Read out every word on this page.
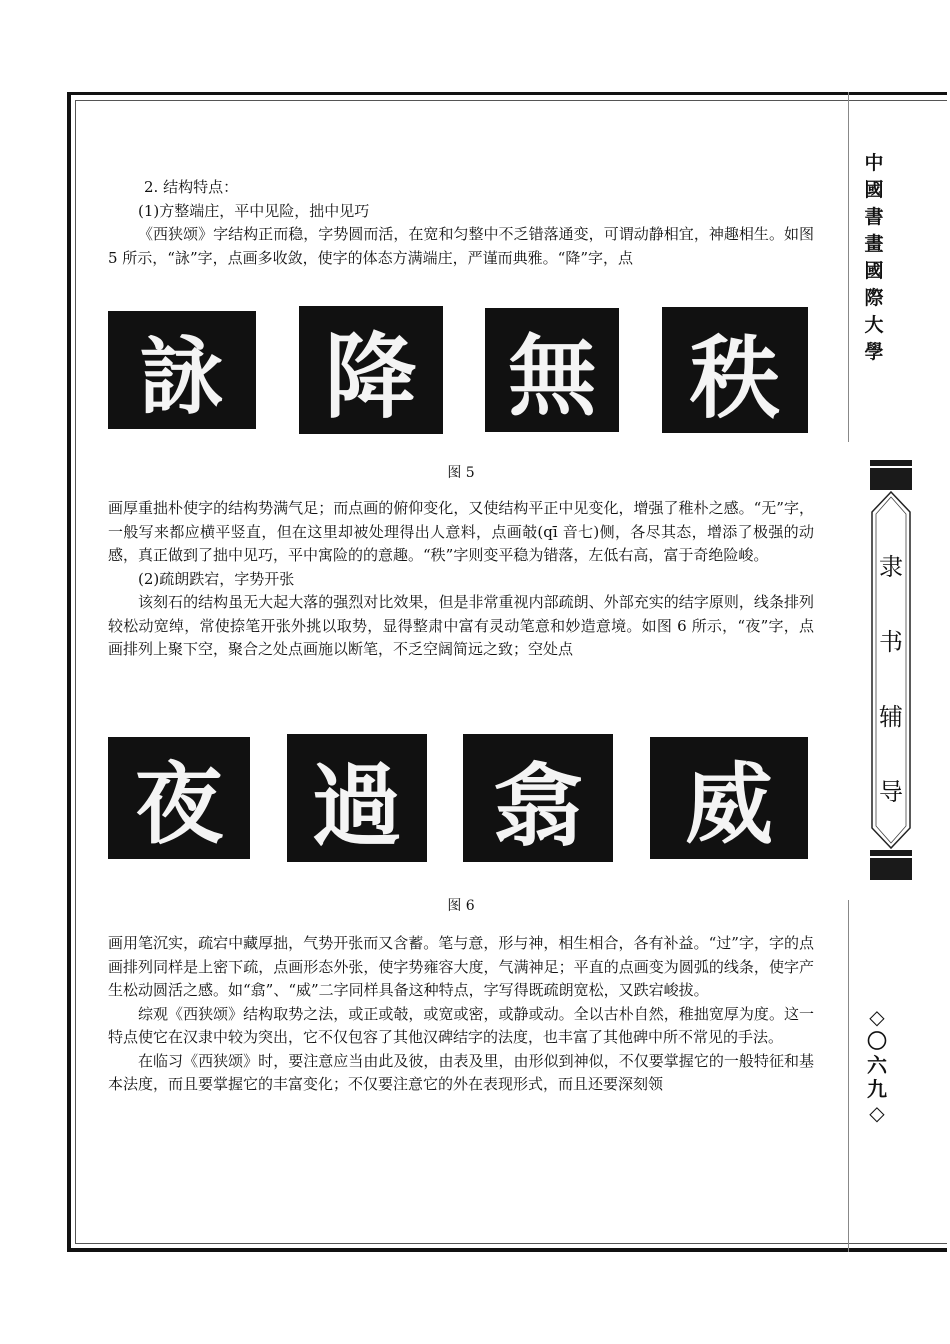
中
國
書
畫
國
際
大
學
隶
书
辅
导
◇
〇
六
九
◇

2. 结构特点：

(1)方整端庄，平中见险，拙中见巧

《西狭颂》字结构正而稳，字势圆而活，在宽和匀整中不乏错落通变，可谓动静相宜，神趣相生。如图 5 所示，“詠”字，点画多收敛，使字的体态方满端庄，严谨而典雅。“降”字，点

詠	降 無	秩
图 5

画厚重拙朴使字的结构势满气足；而点画的俯仰变化，又使结构平正中见变化，增强了稚朴之感。“无”字，一般写来都应横平竖直，但在这里却被处理得出人意料，点画攲(qī 音七)侧，各尽其态，增添了极强的动感，真正做到了拙中见巧，平中寓险的的意趣。“秩”字则变平稳为错落，左低右高，富于奇绝险峻。

(2)疏朗跌宕，字势开张

该刻石的结构虽无大起大落的强烈对比效果，但是非常重视内部疏朗、外部充实的结字原则，线条排列较松动宽绰，常使捺笔开张外挑以取势，显得整肃中富有灵动笔意和妙造意境。如图 6 所示，“夜”字，点画排列上聚下空，聚合之处点画施以断笔，不乏空阔简远之致；空处点

夜 過	翕	威
图 6

画用笔沉实，疏宕中藏厚拙，气势开张而又含蓄。笔与意，形与神，相生相合，各有补益。“过”字，字的点画排列同样是上密下疏，点画形态外张，使字势雍容大度，气满神足；平直的点画变为圆弧的线条，使字产生松动圆活之感。如“翕”、“威”二字同样具备这种特点，字写得既疏朗宽松，又跌宕峻拔。

综观《西狭颂》结构取势之法，或正或攲，或宽或密，或静或动。全以古朴自然，稚拙宽厚为度。这一特点使它在汉隶中较为突出，它不仅包容了其他汉碑结字的法度，也丰富了其他碑中所不常见的手法。

在临习《西狭颂》时，要注意应当由此及彼，由表及里，由形似到神似，不仅要掌握它的一般特征和基本法度，而且要掌握它的丰富变化；不仅要注意它的外在表现形式，而且还要深刻领
